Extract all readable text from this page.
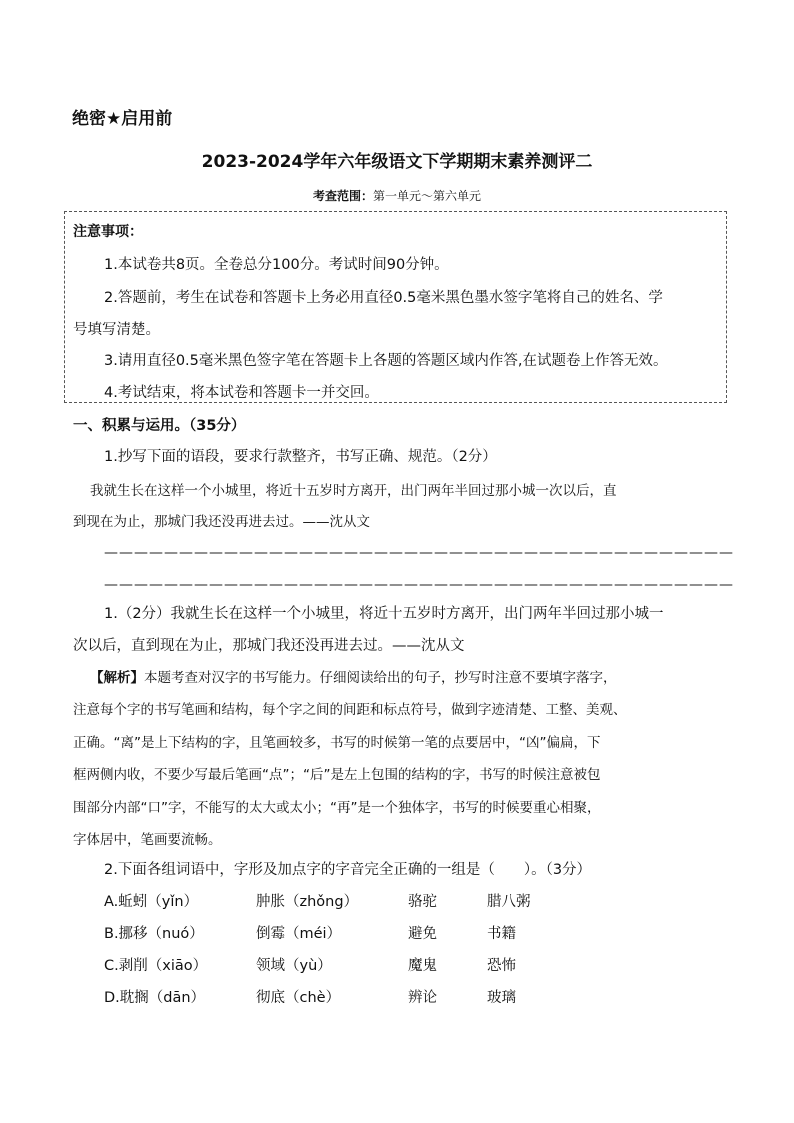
绝密★启用前
2023-2024学年六年级语文下学期期末素养测评二
考查范围：第一单元～第六单元
注意事项：
1.本试卷共8页。全卷总分100分。考试时间90分钟。
2.答题前，考生在试卷和答题卡上务必用直径0.5毫米黑色墨水签字笔将自己的姓名、学
号填写清楚。
3.请用直径0.5毫米黑色签字笔在答题卡上各题的答题区域内作答,在试题卷上作答无效。
4.考试结束，将本试卷和答题卡一并交回。
一、积累与运用。（35分）
1.抄写下面的语段，要求行款整齐，书写正确、规范。（2分）
我就生长在这样一个小城里，将近十五岁时方离开，出门两年半回过那小城一次以后，直
到现在为止，那城门我还没再进去过。——沈从文
——————————————————————————————————————————
——————————————————————————————————————————
1.（2分）我就生长在这样一个小城里，将近十五岁时方离开，出门两年半回过那小城一
次以后，直到现在为止，那城门我还没再进去过。——沈从文
【解析】本题考查对汉字的书写能力。仔细阅读给出的句子，抄写时注意不要填字落字，
注意每个字的书写笔画和结构，每个字之间的间距和标点符号，做到字迹清楚、工整、美观、
正确。“离”是上下结构的字，且笔画较多，书写的时候第一笔的点要居中，“凶”偏扁，下
框两侧内收，不要少写最后笔画“点”；“后”是左上包围的结构的字，书写的时候注意被包
围部分内部“口”字，不能写的太大或太小；“再”是一个独体字，书写的时候要重心相聚，
字体居中，笔画要流畅。
2.下面各组词语中，字形及加点字的字音完全正确的一组是（　　）。（3分）
A.蚯蚓（yǐn）	肿胀（zhǒng）	骆驼	腊八粥
B.挪移（nuó）	倒霉（méi）	避免	书籍
C.剥削（xiāo）	领域（yù）	魔鬼	恐怖
D.耽搁（dān）	彻底（chè）	辨论	玻璃
